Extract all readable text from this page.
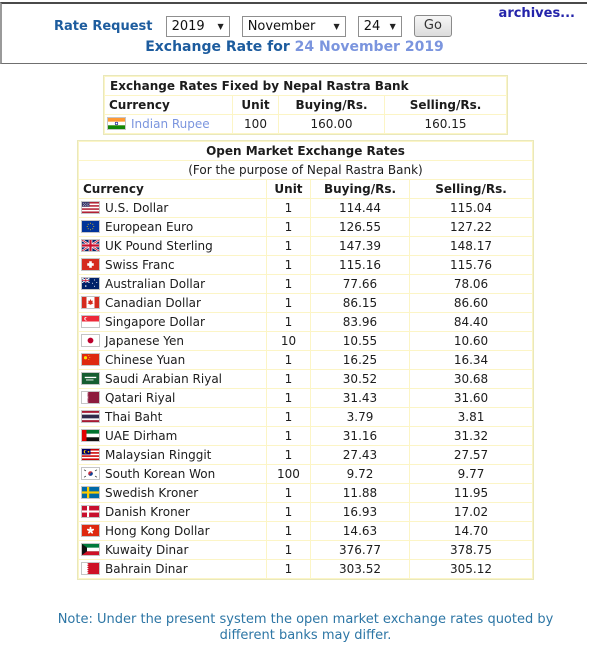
Rate Request 2019 ▼
November ▼
24 ▼ Go
archives...
Exchange Rate for 24 November 2019
Exchange Rates Fixed by Nepal Rastra Bank			
Currency	Unit	Buying/Rs.	Selling/Rs.

Indian Rupee	100	160.00	160.15
Open Market Exchange Rates			
(For the purpose of Nepal Rastra Bank)			
Currency	Unit	Buying/Rs.	Selling/Rs.

U.S. Dollar	1	114.44	115.04

European Euro	1	126.55	127.22

UK Pound Sterling	1	147.39	148.17

Swiss Franc	1	115.16	115.76

Australian Dollar	1	77.66	78.06

Canadian Dollar	1	86.15	86.60

Singapore Dollar	1	83.96	84.40

Japanese Yen	10	10.55	10.60

Chinese Yuan	1	16.25	16.34

Saudi Arabian Riyal	1	30.52	30.68

Qatari Riyal	1	31.43	31.60

Thai Baht	1	3.79	3.81

UAE Dirham	1	31.16	31.32

Malaysian Ringgit	1	27.43	27.57

South Korean Won	100	9.72	9.77

Swedish Kroner	1	11.88	11.95

Danish Kroner	1	16.93	17.02

Hong Kong Dollar	1	14.63	14.70

Kuwaity Dinar	1	376.77	378.75

Bahrain Dinar	1	303.52	305.12
Note: Under the present system the open market exchange rates quoted by different banks may differ.
